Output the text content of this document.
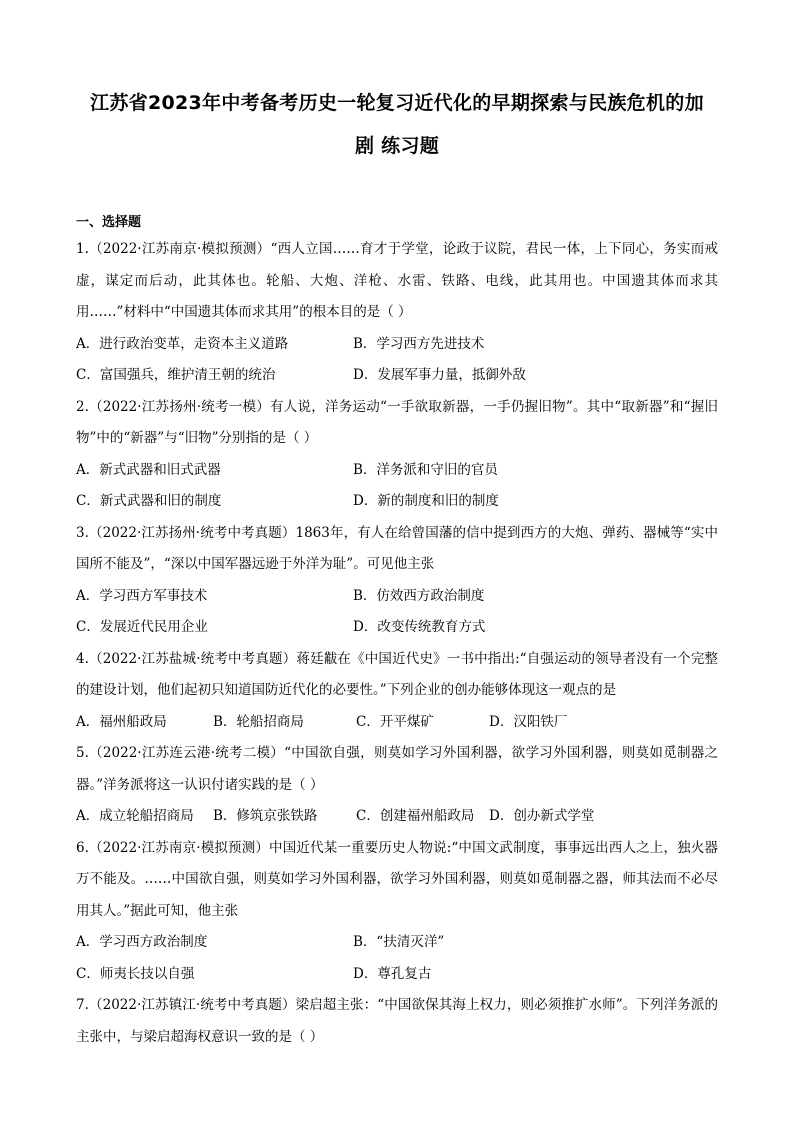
江苏省2023年中考备考历史一轮复习近代化的早期探索与民族危机的加
剧 练习题
一、选择题
1.（2022·江苏南京·模拟预测）“西人立国……育才于学堂，论政于议院，君民一体，上下同心，务实而戒虚，谋定而后动，此其体也。轮船、大炮、洋枪、水雷、铁路、电线，此其用也。中国遗其体而求其用……”材料中“中国遗其体而求其用”的根本目的是（ ）
A．进行政治变革，走资本主义道路	B．学习西方先进技术
C．富国强兵，维护清王朝的统治	D．发展军事力量，抵御外敌
2.（2022·江苏扬州·统考一模）有人说，洋务运动“一手欲取新器，一手仍握旧物”。其中“取新器”和“握旧物”中的“新器”与“旧物”分别指的是（ ）
A．新式武器和旧式武器	B．洋务派和守旧的官员
C．新式武器和旧的制度	D．新的制度和旧的制度
3.（2022·江苏扬州·统考中考真题）1863年，有人在给曾国藩的信中提到西方的大炮、弹药、器械等“实中国所不能及”，“深以中国军器远逊于外洋为耻”。可见他主张
A．学习西方军事技术	B．仿效西方政治制度
C．发展近代民用企业	D．改变传统教育方式
4.（2022·江苏盐城·统考中考真题）蒋廷黻在《中国近代史》一书中指出:“自强运动的领导者没有一个完整的建设计划，他们起初只知道国防近代化的必要性。”下列企业的创办能够体现这一观点的是
A．福州船政局	B．轮船招商局	C．开平煤矿	D．汉阳铁厂
5.（2022·江苏连云港·统考二模）“中国欲自强，则莫如学习外国利器，欲学习外国利器，则莫如觅制器之器。”洋务派将这一认识付诸实践的是（ ）
A．成立轮船招商局	B．修筑京张铁路	C．创建福州船政局	D．创办新式学堂
6.（2022·江苏南京·模拟预测）中国近代某一重要历史人物说:“中国文武制度，事事远出西人之上，独火器万不能及。……中国欲自强，则莫如学习外国利器，欲学习外国利器，则莫如觅制器之器，师其法而不必尽用其人。”据此可知，他主张
A．学习西方政治制度	B．“扶清灭洋”
C．师夷长技以自强	D．尊孔复古
7.（2022·江苏镇江·统考中考真题）梁启超主张：“中国欲保其海上权力，则必须推扩水师”。下列洋务派的主张中，与梁启超海权意识一致的是（ ）
